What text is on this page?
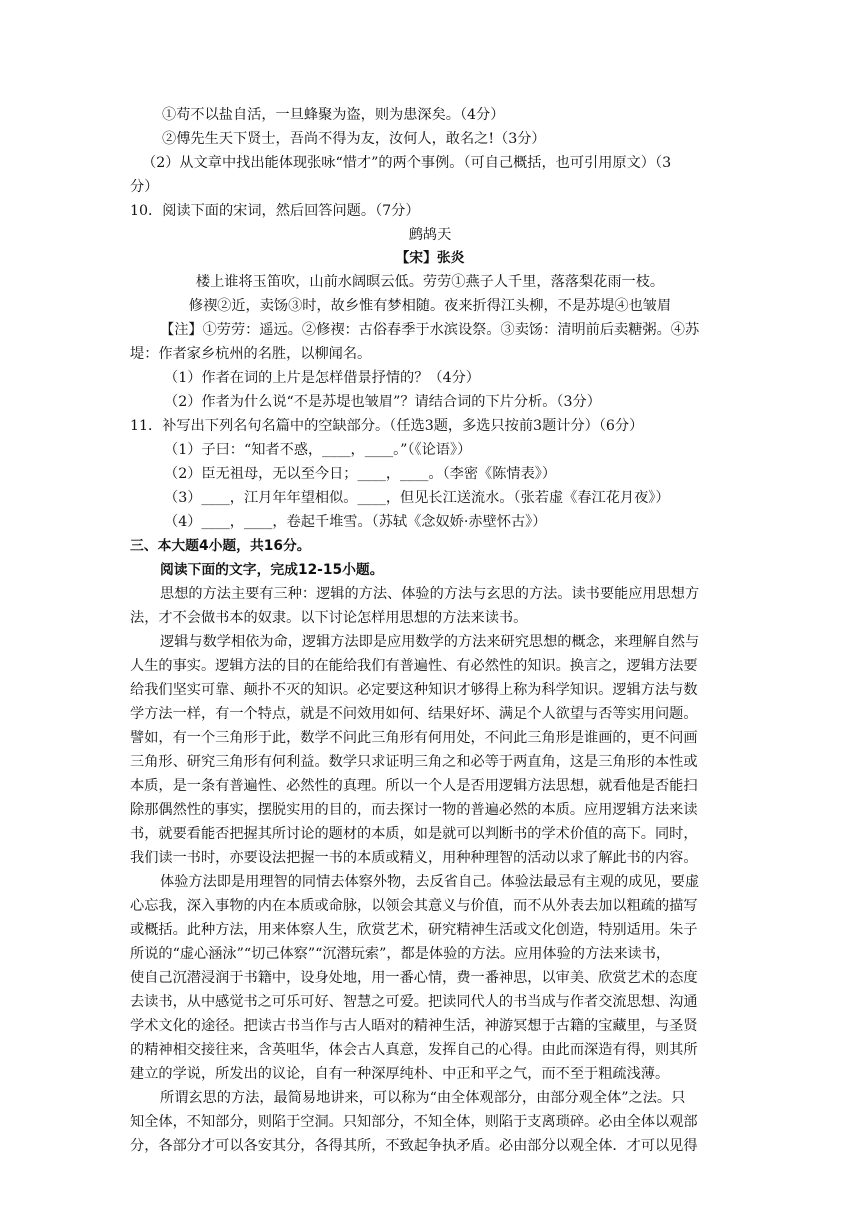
①苟不以盐自活，一旦蜂聚为盗，则为患深矣。（4分）
②傅先生天下贤士，吾尚不得为友，汝何人，敢名之!（3分）
（2）从文章中找出能体现张咏“惜才”的两个事例。（可自己概括，也可引用原文）（3
分）
10．阅读下面的宋词，然后回答问题。（7分）
鹧鸪天
【宋】张炎
楼上谁将玉笛吹，山前水阔暝云低。劳劳①燕子人千里，落落梨花雨一枝。
修禊②近，卖饧③时，故乡惟有梦相随。夜来折得江头柳，不是苏堤④也皱眉
【注】①劳劳：遥远。②修禊：古俗春季于水滨设祭。③卖饧：清明前后卖糖粥。④苏
堤：作者家乡杭州的名胜，以柳闻名。
（1）作者在词的上片是怎样借景抒情的？（4分）
（2）作者为什么说“不是苏堤也皱眉”？请结合词的下片分析。（3分）
11．补写出下列名句名篇中的空缺部分。（任选3题，多选只按前3题计分）（6分）
（1）子曰：“知者不惑，____，____。”（《论语》）
（2）臣无祖母，无以至今日；____，____。（李密《陈情表》）
（3）____，江月年年望相似。____，但见长江送流水。（张若虚《春江花月夜》）
（4）____，____，卷起千堆雪。（苏轼《念奴娇·赤壁怀古》）
三、本大题4小题，共16分。
阅读下面的文字，完成12-15小题。
思想的方法主要有三种：逻辑的方法、体验的方法与玄思的方法。读书要能应用思想方
法，才不会做书本的奴隶。以下讨论怎样用思想的方法来读书。
逻辑与数学相依为命，逻辑方法即是应用数学的方法来研究思想的概念，来理解自然与
人生的事实。逻辑方法的目的在能给我们有普遍性、有必然性的知识。换言之，逻辑方法要
给我们坚实可靠、颠扑不灭的知识。必定要这种知识才够得上称为科学知识。逻辑方法与数
学方法一样，有一个特点，就是不问效用如何、结果好坏、满足个人欲望与否等实用问题。
譬如，有一个三角形于此，数学不问此三角形有何用处，不问此三角形是谁画的，更不问画
三角形、研究三角形有何利益。数学只求证明三角之和必等于两直角，这是三角形的本性或
本质，是一条有普遍性、必然性的真理。所以一个人是否用逻辑方法思想，就看他是否能扫
除那偶然性的事实，摆脱实用的目的，而去探讨一物的普遍必然的本质。应用逻辑方法来读
书，就要看能否把握其所讨论的题材的本质，如是就可以判断书的学术价值的高下。同时，
我们读一书时，亦要设法把握一书的本质或精义，用种种理智的活动以求了解此书的内容。
体验方法即是用理智的同情去体察外物，去反省自己。体验法最忌有主观的成见，要虚
心忘我，深入事物的内在本质或命脉，以领会其意义与价值，而不从外表去加以粗疏的描写
或概括。此种方法，用来体察人生，欣赏艺术，研究精神生活或文化创造，特别适用。朱子
所说的“虚心涵泳”“切己体察”“沉潜玩索”，都是体验的方法。应用体验的方法来读书，
使自己沉潜浸润于书籍中，设身处地，用一番心情，费一番神思，以审美、欣赏艺术的态度
去读书，从中感觉书之可乐可好、智慧之可爱。把读同代人的书当成与作者交流思想、沟通
学术文化的途径。把读古书当作与古人晤对的精神生活，神游冥想于古籍的宝藏里，与圣贤
的精神相交接往来，含英咀华，体会古人真意，发挥自己的心得。由此而深造有得，则其所
建立的学说，所发出的议论，自有一种深厚纯朴、中正和平之气，而不至于粗疏浅薄。
所谓玄思的方法，最简易地讲来，可以称为“由全体观部分，由部分观全体”之法。只
知全体，不知部分，则陷于空洞。只知部分，不知全体，则陷于支离琐碎。必由全体以观部
分，各部分才可以各安其分，各得其所，不致起争执矛盾。必由部分以观全体．才可以见得
